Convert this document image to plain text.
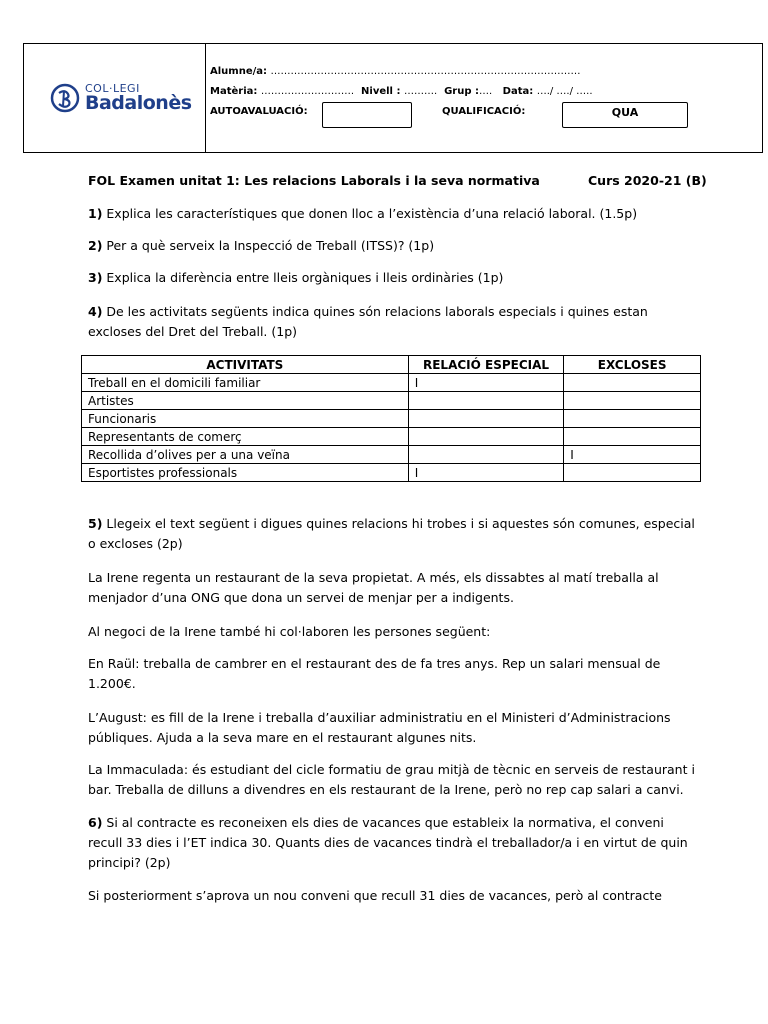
COL·LEGI
Badalonès
Alumne/a: …………………………………………………………………………………
Matèria: ………………………. Nivell : ………. Grup :…. Data: …./ …./ …..
AUTOAVALUACIÓ:	QUALIFICACIÓ:	QUA
FOL Examen unitat 1: Les relacions Laborals i la seva normativa	Curs 2020-21 (B)
1) Explica les característiques que donen lloc a l’existència d’una relació laboral. (1.5p)
2) Per a què serveix la Inspecció de Treball (ITSS)? (1p)
3) Explica la diferència entre lleis orgàniques i lleis ordinàries (1p)
4) De les activitats següents indica quines són relacions laborals especials i quines estan excloses del Dret del Treball. (1p)
ACTIVITATS	RELACIÓ ESPECIAL	EXCLOSES
Treball en el domicili familiar	I	
Artistes		
Funcionaris		
Representants de comerç		
Recollida d’olives per a una veïna		I
Esportistes professionals	I	
5) Llegeix el text següent i digues quines relacions hi trobes i si aquestes són comunes, especial o excloses (2p)
La Irene regenta un restaurant de la seva propietat. A més, els dissabtes al matí treballa al menjador d’una ONG que dona un servei de menjar per a indigents.
Al negoci de la Irene també hi col·laboren les persones següent:
En Raül: treballa de cambrer en el restaurant des de fa tres anys. Rep un salari mensual de 1.200€.
L’August: es fill de la Irene i treballa d’auxiliar administratiu en el Ministeri d’Administracions públiques. Ajuda a la seva mare en el restaurant algunes nits.
La Immaculada: és estudiant del cicle formatiu de grau mitjà de tècnic en serveis de restaurant i bar. Treballa de dilluns a divendres en els restaurant de la Irene, però no rep cap salari a canvi.
6) Si al contracte es reconeixen els dies de vacances que estableix la normativa, el conveni recull 33 dies i l’ET indica 30. Quants dies de vacances tindrà el treballador/a i en virtut de quin principi? (2p)
Si posteriorment s’aprova un nou conveni que recull 31 dies de vacances, però al contracte
